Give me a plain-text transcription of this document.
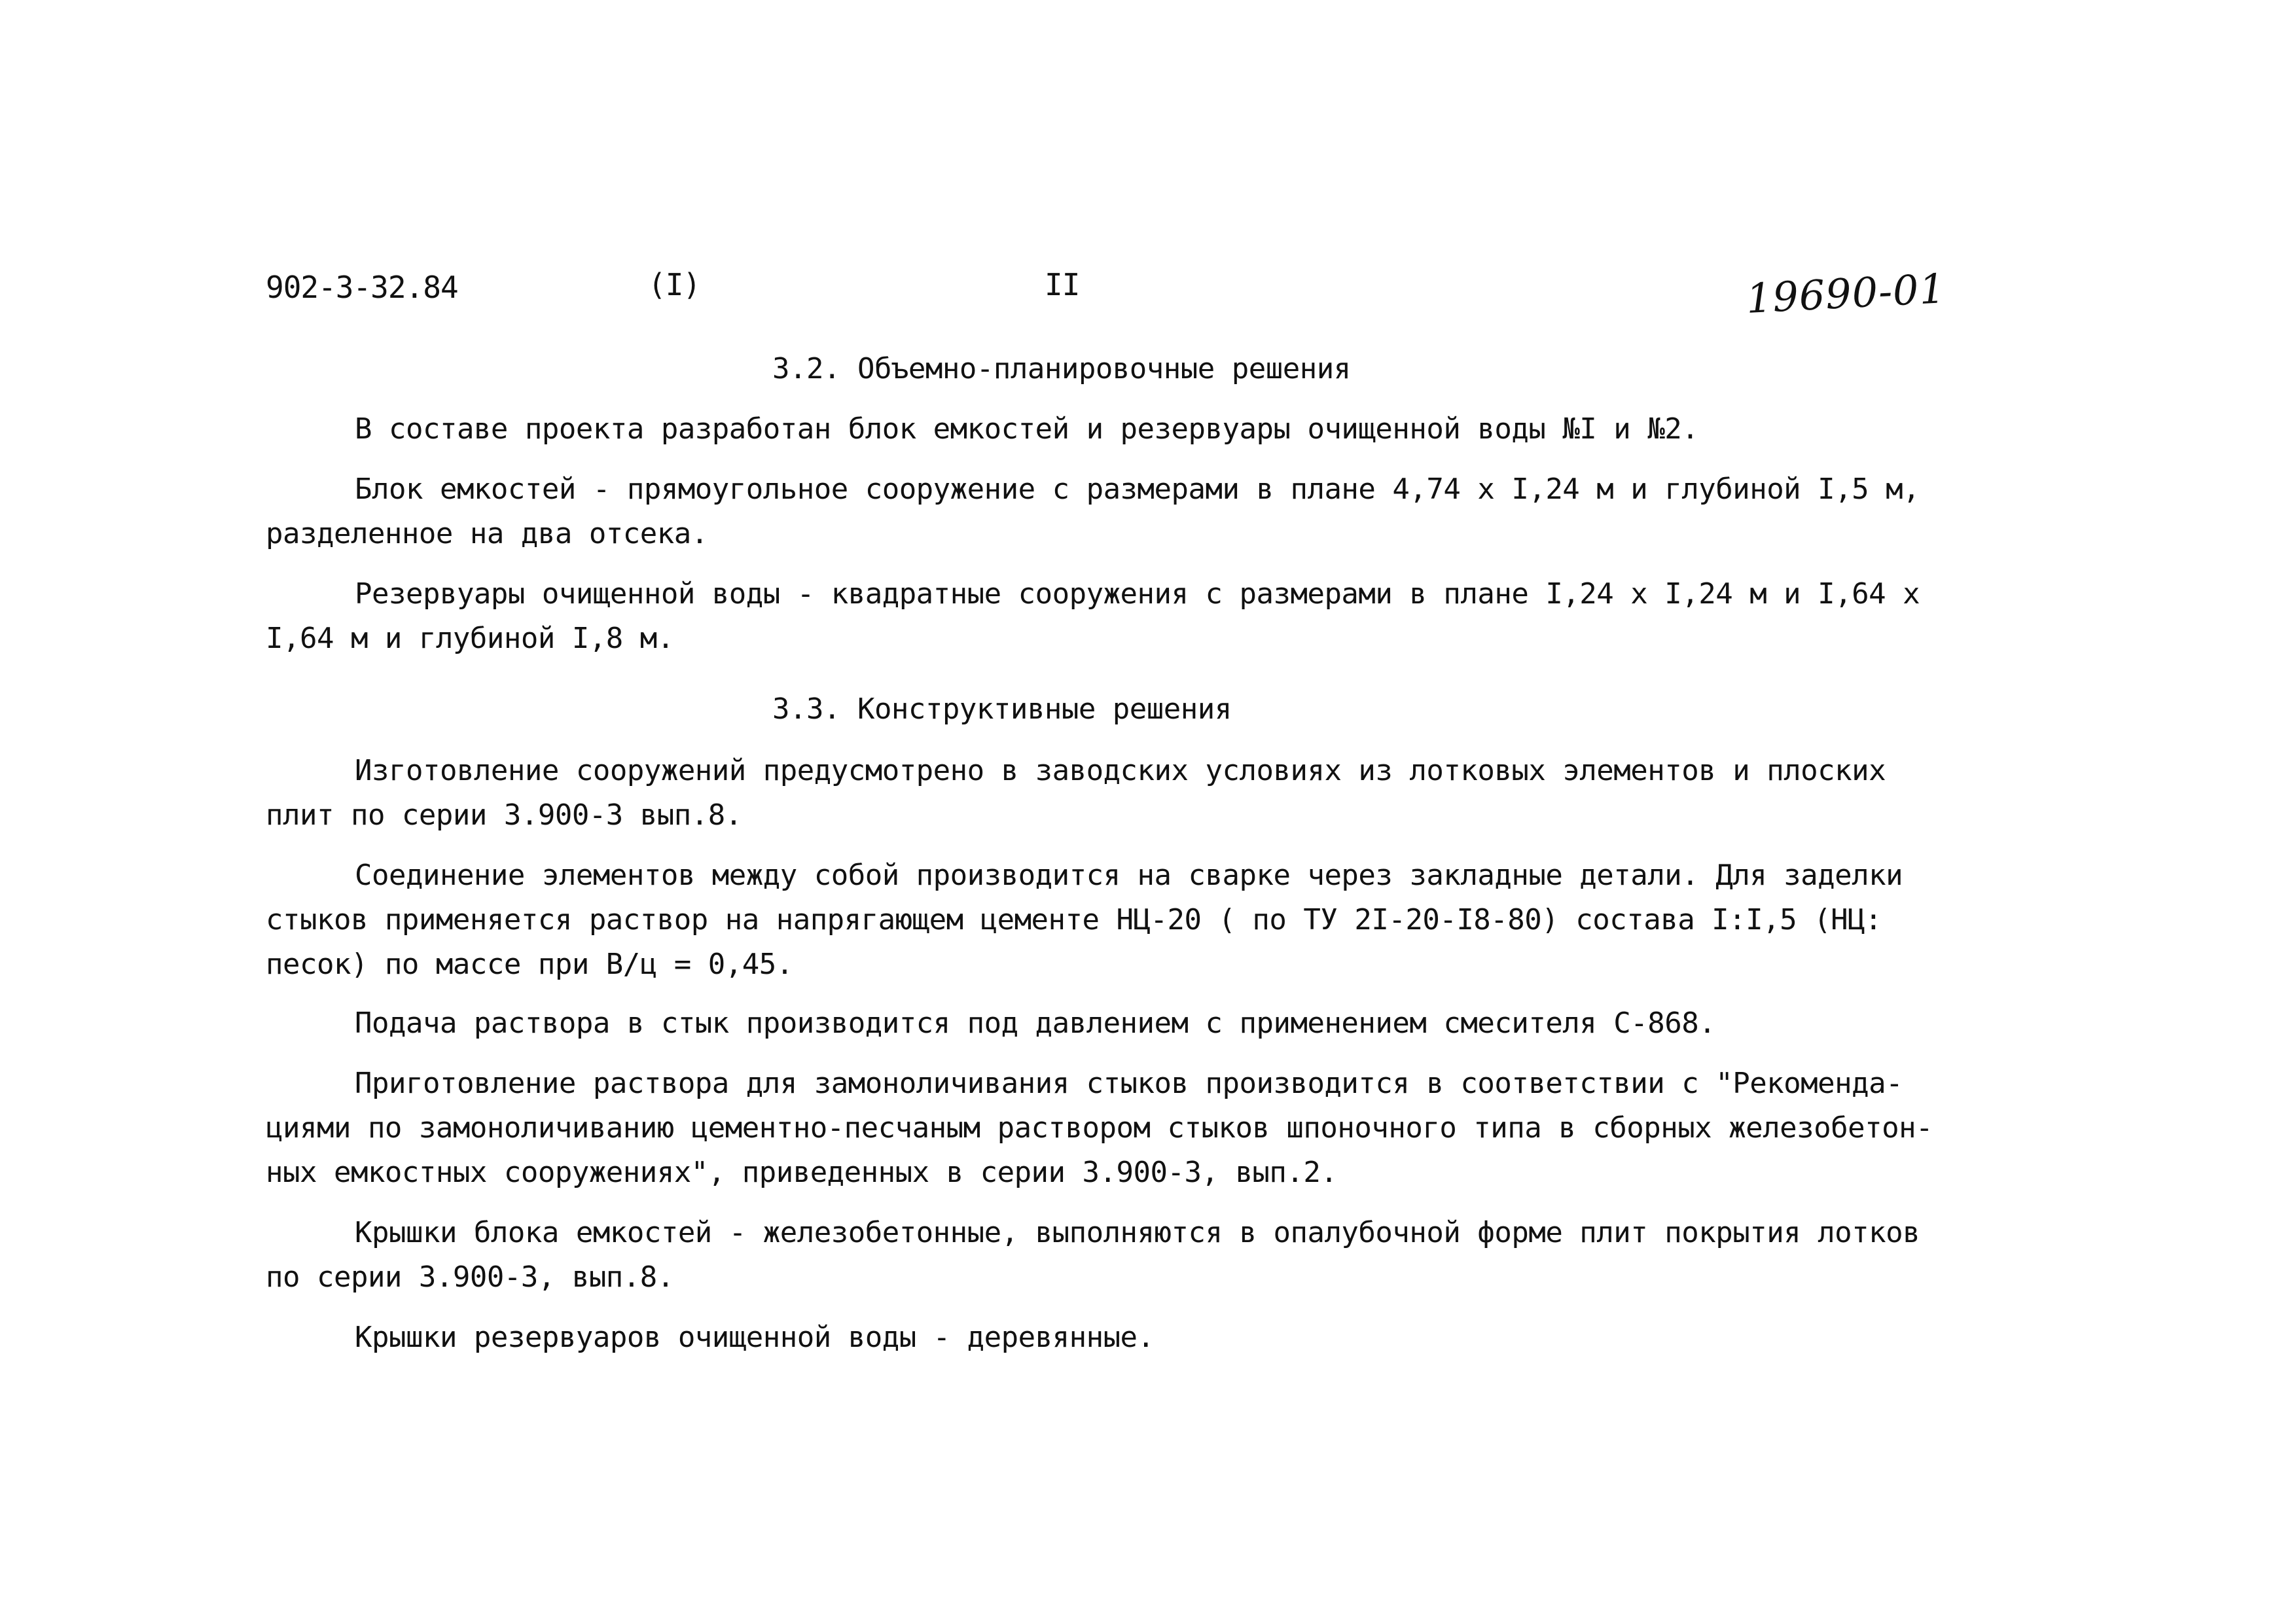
902-3-32.84	(I)	II	19690-01
3.2. Объемно-планировочные решения
В составе проекта разработан блок емкостей и резервуары очищенной воды №I и №2.
Блок емкостей - прямоугольное сооружение с размерами в плане 4,74 х I,24 м и глубиной I,5 м,
разделенное на два отсека.
Резервуары очищенной воды - квадратные сооружения с размерами в плане I,24 х I,24 м и I,64 х
I,64 м и глубиной I,8 м.
3.3. Конструктивные решения
Изготовление сооружений предусмотрено в заводских условиях из лотковых элементов и плоских
плит по серии 3.900-3 вып.8.
Соединение элементов между собой производится на сварке через закладные детали. Для заделки
стыков применяется раствор на напрягающем цементе НЦ-20 ( по ТУ 2I-20-I8-80) состава I:I,5 (НЦ:
песок) по массе при В/ц = 0,45.
Подача раствора в стык производится под давлением с применением смесителя С-868.
Приготовление раствора для замоноличивания стыков производится в соответствии с "Рекоменда-
циями по замоноличиванию цементно-песчаным раствором стыков шпоночного типа в сборных железобетон-
ных емкостных сооружениях", приведенных в серии 3.900-3, вып.2.
Крышки блока емкостей - железобетонные, выполняются в опалубочной форме плит покрытия лотков
по серии 3.900-3, вып.8.
Крышки резервуаров очищенной воды - деревянные.
